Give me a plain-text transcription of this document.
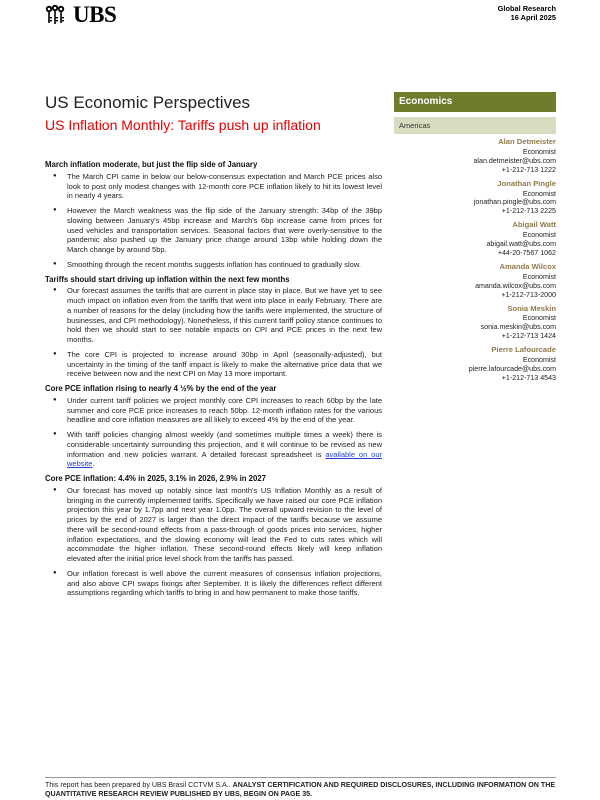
UBS	Global Research
16 April 2025
US Economic Perspectives
US Inflation Monthly: Tariffs push up inflation
Economics
Americas
Alan Detmeister
Economist
alan.detmeister@ubs.com
+1-212-713 1222
Jonathan Pingle
Economist
jonathan.pingle@ubs.com
+1-212-713 2225
Abigail Watt
Economist
abigail.watt@ubs.com
+44-20-7567 1062
Amanda Wilcox
Economist
amanda.wilcox@ubs.com
+1-212-713-2000
Sonia Meskin
Economist
sonia.meskin@ubs.com
+1-212-713 1424
Pierre Lafourcade
Economist
pierre.lafourcade@ubs.com
+1-212-713 4543
March inflation moderate, but just the flip side of January
● The March CPI came in below our below-consensus expectation and March PCE prices also look to post only modest changes with 12-month core PCE inflation likely to hit its lowest level in nearly 4 years.
● However the March weakness was the flip side of the January strength: 34bp of the 39bp slowing between January's 45bp increase and March's 6bp increase came from prices for used vehicles and transportation services. Seasonal factors that were overly-sensitive to the pandemic also pushed up the January price change around 13bp while holding down the March change by around 5bp.
● Smoothing through the recent months suggests inflation has continued to gradually slow.
Tariffs should start driving up inflation within the next few months
● Our forecast assumes the tariffs that are current in place stay in place. But we have yet to see much impact on inflation even from the tariffs that went into place in early February. There are a number of reasons for the delay (including how the tariffs were implemented, the structure of businesses, and CPI methodology). Nonetheless, if this current tariff policy stance continues to hold then we should start to see notable impacts on CPI and PCE prices in the next few months.
● The core CPI is projected to increase around 30bp in April (seasonally-adjusted), but uncertainty in the timing of the tariff impact is likely to make the alternative price data that we receive between now and the next CPI on May 13 more important.
Core PCE inflation rising to nearly 4 ½% by the end of the year
● Under current tariff policies we project monthly core CPI increases to reach 60bp by the late summer and core PCE price increases to reach 50bp. 12-month inflation rates for the various headline and core inflation measures are all likely to exceed 4% by the end of the year.
● With tariff policies changing almost weekly (and sometimes multiple times a week) there is considerable uncertainty surrounding this projection, and it will continue to be revised as new information and new policies warrant. A detailed forecast spreadsheet is available on our website.
Core PCE inflation: 4.4% in 2025, 3.1% in 2026, 2.9% in 2027
● Our forecast has moved up notably since last month's US Inflation Monthly as a result of bringing in the currently implemented tariffs. Specifically we have raised our core PCE inflation projection this year by 1.7pp and next year 1.0pp. The overall upward revision to the level of prices by the end of 2027 is larger than the direct impact of the tariffs because we assume there will be second-round effects from a pass-through of goods prices into services, higher inflation expectations, and the slowing economy will lead the Fed to cuts rates which will accommodate the higher inflation. These second-round effects likely will keep inflation elevated after the initial price level shock from the tariffs has passed.
● Our inflation forecast is well above the current measures of consensus inflation projections, and also above CPI swaps fixings after September. It is likely the differences reflect different assumptions regarding which tariffs to bring in and how permanent to make those tariffs.
This report has been prepared by UBS Brasil CCTVM S.A.. ANALYST CERTIFICATION AND REQUIRED DISCLOSURES, INCLUDING INFORMATION ON THE QUANTITATIVE RESEARCH REVIEW PUBLISHED BY UBS, BEGIN ON PAGE 35.
